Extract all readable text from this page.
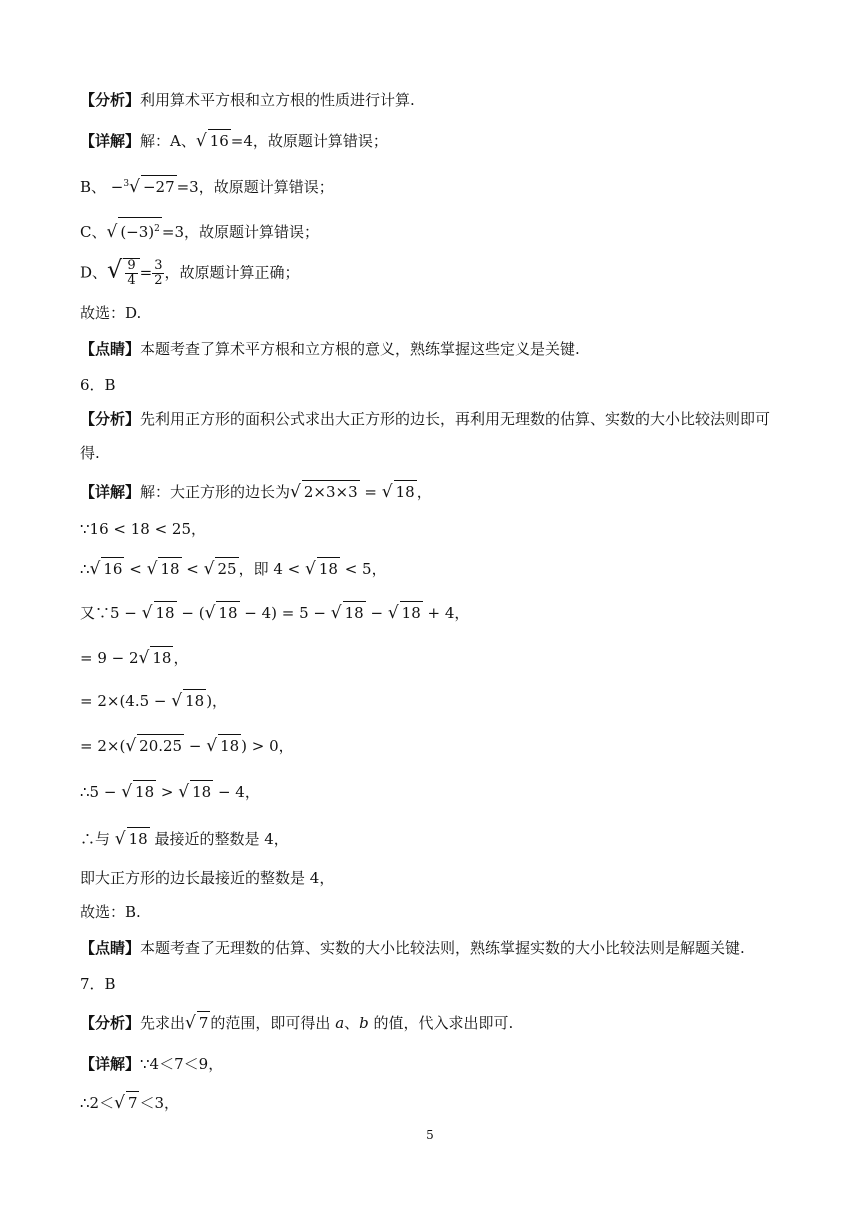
【分析】利用算术平方根和立方根的性质进行计算.
【详解】解：A、√ 16 =4，故原题计算错误；
B、 −$^3$√ −27 =3，故原题计算错误；
C、√ $(-3)^2 =3$，故原题计算错误；
D、√ $\frac{9}{4} = \frac{3}{2}$ ，故原题计算正确；
故选：D.
【点睛】本题考查了算术平方根和立方根的意义，熟练掌握这些定义是关键.
6．B
【分析】先利用正方形的面积公式求出大正方形的边长，再利用无理数的估算、实数的大小比较法则即可得.
【详解】解：大正方形的边长为√ 2×3×3 = √ 18 ，
∵16 < 18 < 25，
∴√ 16 < √ 18 < √ 25 ，即 4 < √ 18 < 5，
又∵5 − √ 18 − (√ 18 − 4) = 5 − √ 18 − √ 18 + 4，
= 9 − 2√ 18 ，
= 2×(4.5 − √ 18 )，
= 2×(√ 20.25 − √ 18 ) > 0，
∴5 − √ 18 > √ 18 − 4，
∴与 √ 18 最接近的整数是 4，
即大正方形的边长最接近的整数是 4，
故选：B.
【点睛】本题考查了无理数的估算、实数的大小比较法则，熟练掌握实数的大小比较法则是解题关键.
7．B
【分析】先求出√ 7 的范围，即可得出 a、b 的值，代入求出即可.
【详解】∵4＜7＜9，
∴2＜√ 7 ＜3，
5
